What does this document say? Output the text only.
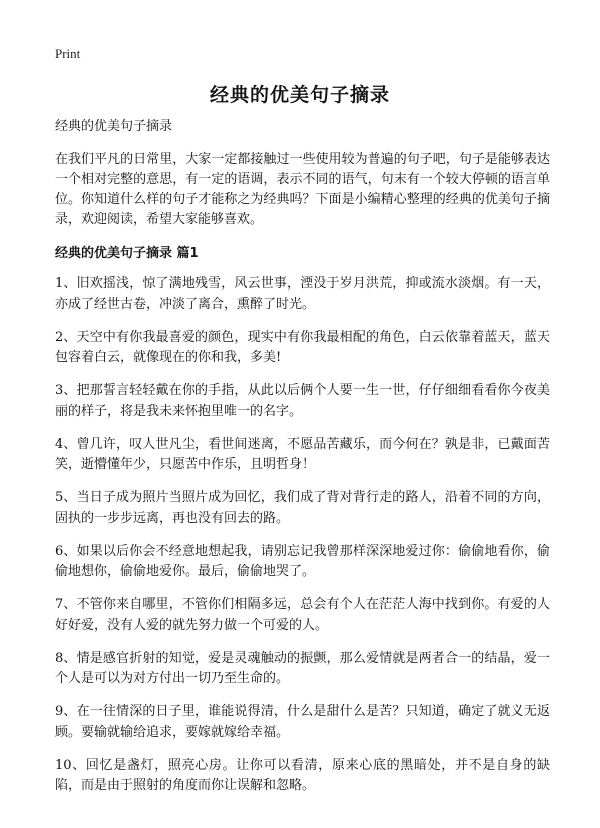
Print
经典的优美句子摘录

经典的优美句子摘录

在我们平凡的日常里，大家一定都接触过一些使用较为普遍的句子吧，句子是能够表达一个相对完整的意思，有一定的语调，表示不同的语气，句末有一个较大停顿的语言单位。你知道什么样的句子才能称之为经典吗？下面是小编精心整理的经典的优美句子摘录，欢迎阅读，希望大家能够喜欢。

经典的优美句子摘录 篇1

1、旧欢摇浅，惊了满地残雪，风云世事，湮没于岁月洪荒，抑或流水淡烟。有一天，亦成了经世古卷，冲淡了离合，熏醉了时光。
2、天空中有你我最喜爱的颜色，现实中有你我最相配的角色，白云依靠着蓝天，蓝天包容着白云，就像现在的你和我，多美!
3、把那誓言轻轻戴在你的手指，从此以后俩个人要一生一世，仔仔细细看看你今夜美丽的样子，将是我未来怀抱里唯一的名字。
4、曾几许，叹人世凡尘，看世间迷离，不愿品苦藏乐，而今何在？孰是非，已戴面苦笑，逝懵懂年少，只愿苦中作乐，且明哲身！
5、当日子成为照片当照片成为回忆，我们成了背对背行走的路人，沿着不同的方向，固执的一步步远离，再也没有回去的路。
6、如果以后你会不经意地想起我，请别忘记我曾那样深深地爱过你：偷偷地看你，偷偷地想你，偷偷地爱你。最后，偷偷地哭了。
7、不管你来自哪里，不管你们相隔多远，总会有个人在茫茫人海中找到你。有爱的人好好爱，没有人爱的就先努力做一个可爱的人。
8、情是感官折射的知觉，爱是灵魂触动的振颤，那么爱情就是两者合一的结晶，爱一个人是可以为对方付出一切乃至生命的。
9、在一往情深的日子里，谁能说得清，什么是甜什么是苦？只知道，确定了就义无返顾。要输就输给追求，要嫁就嫁给幸福。
10、回忆是盏灯，照亮心房。让你可以看清，原来心底的黑暗处，并不是自身的缺陷，而是由于照射的角度而你让误解和忽略。
